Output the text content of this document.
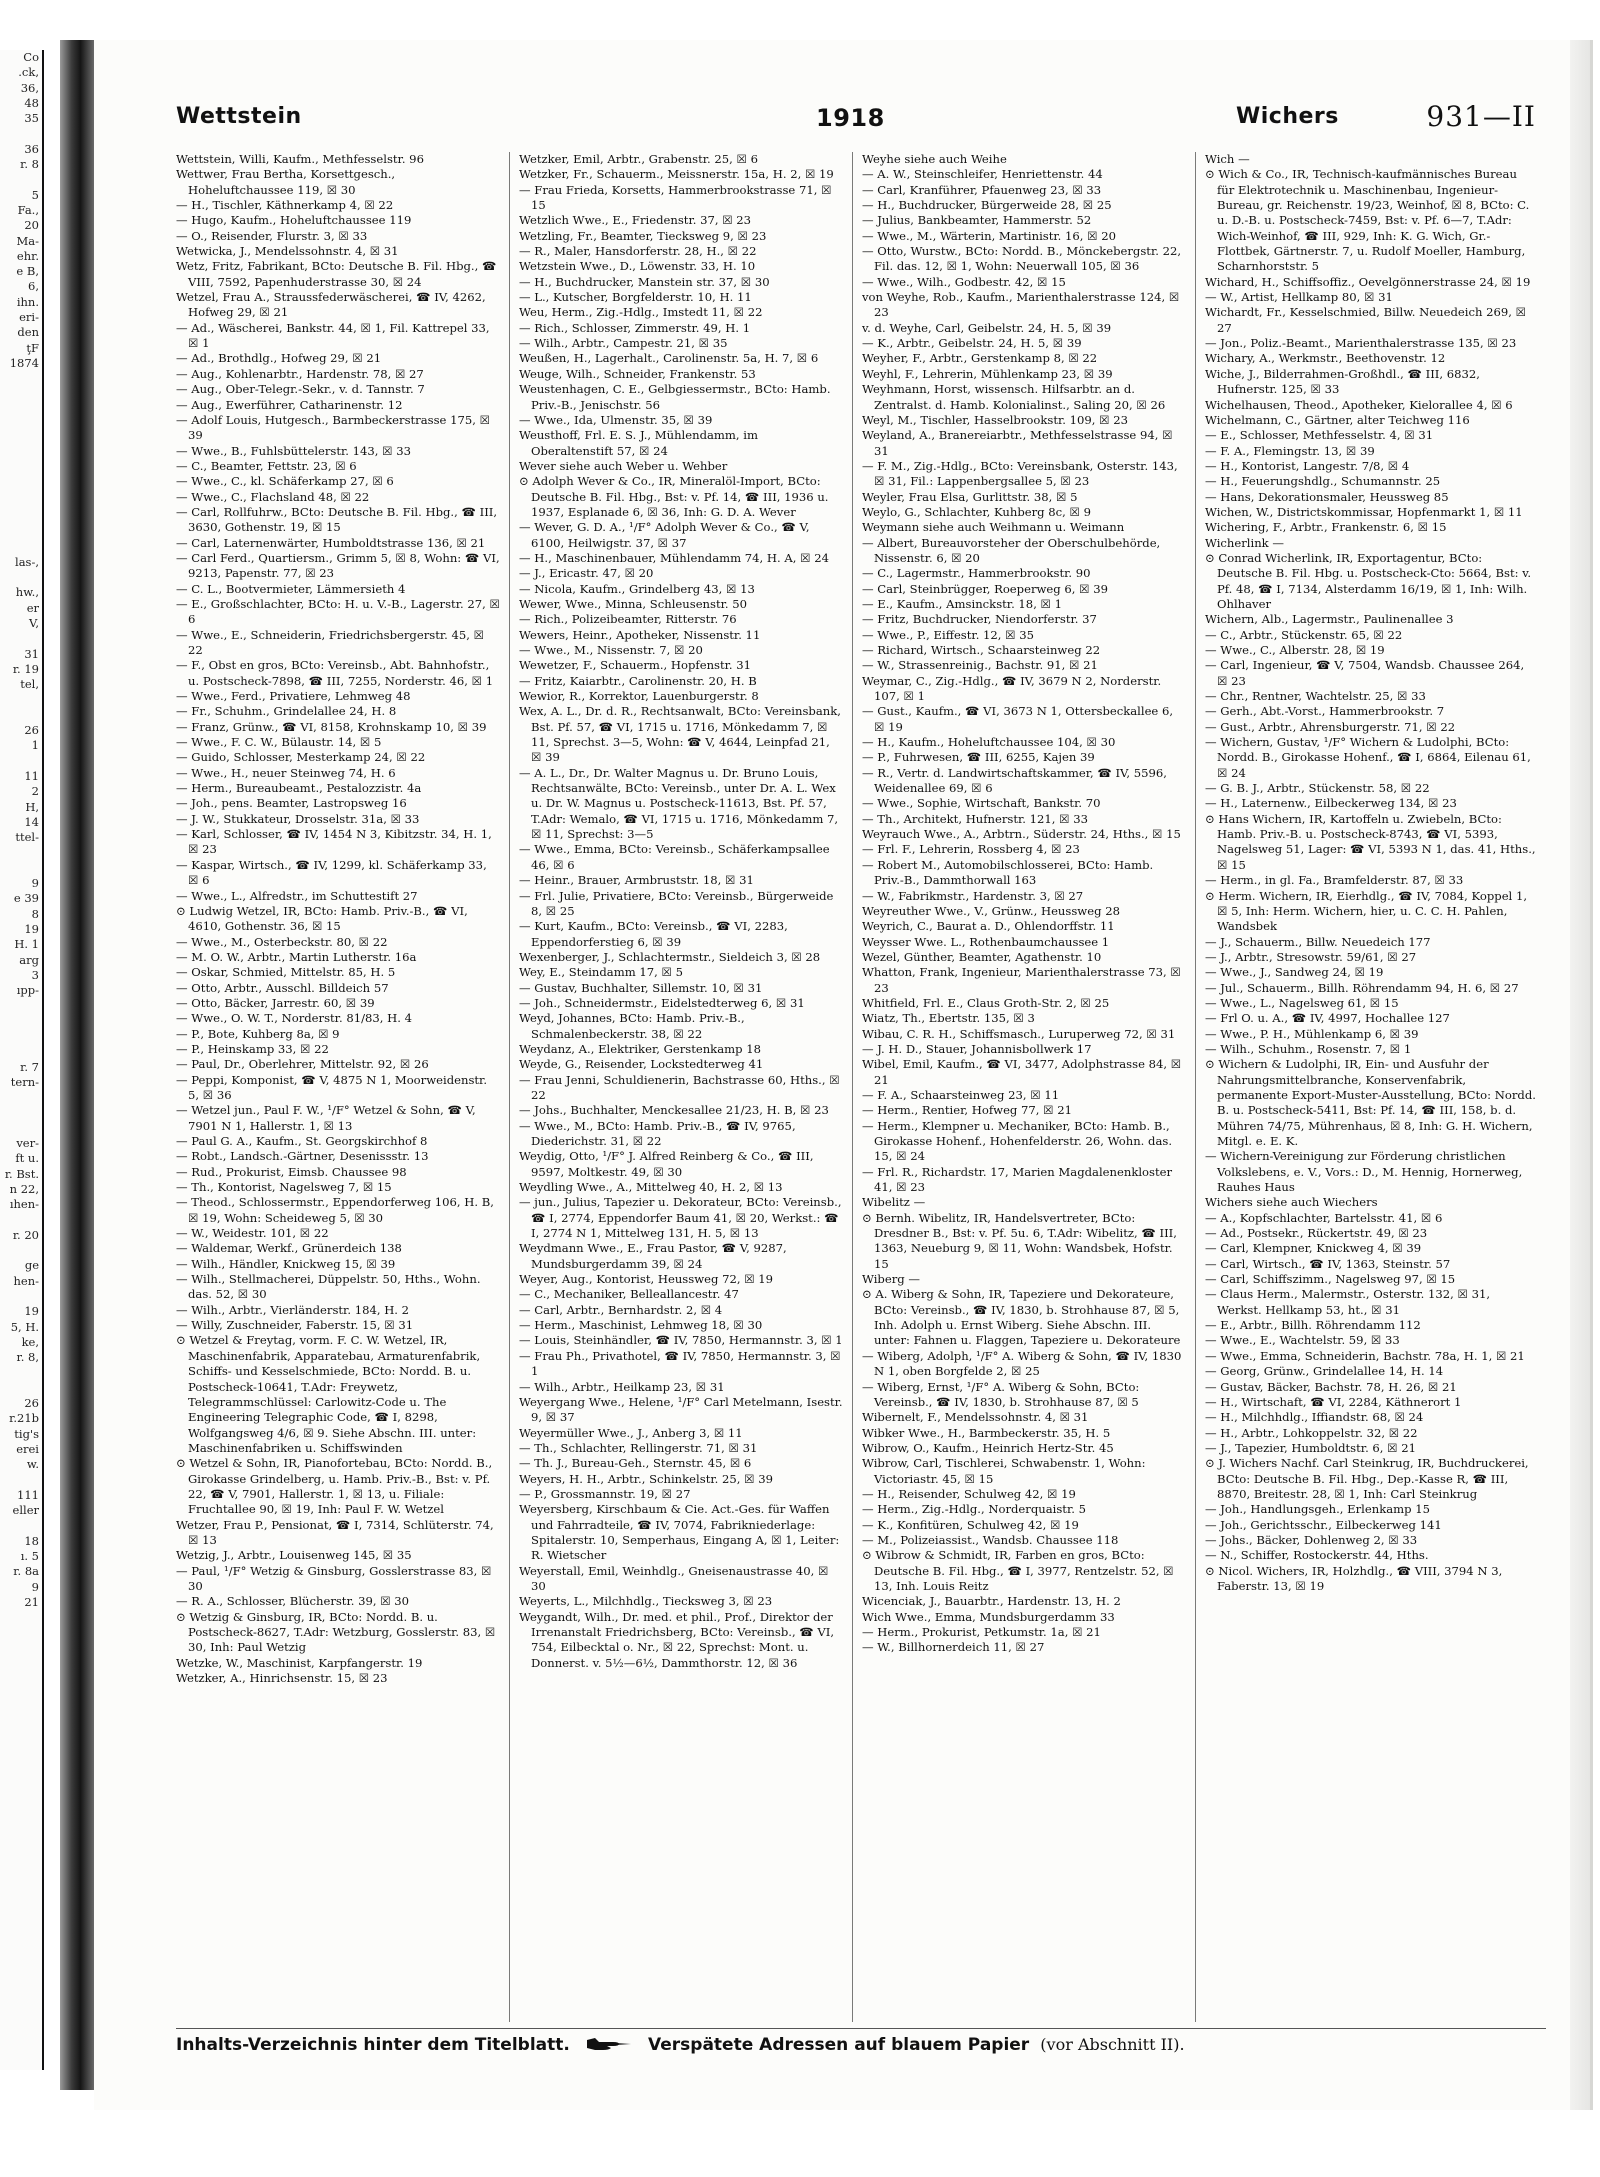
Co
.ck,
36,
48
35

36
r. 8

5
Fa.,
20
Ma-
ehr.
e B,
6,
ihn.
eri-
den
ţF
1874

las-,

hw.,
er
V,

31
r. 19
tel,

26
1

11
2
H,
14
ttel-

9
e 39
8
19
H. 1
arg
3
ıpp-

r. 7
tern-

ver-
ft u.
r. Bst.
n 22,
ıhen-

r. 20

ge
hen-

19
5, H.
ke,
r. 8,

26
r.21b
tig's
erei
w.

111
eller

18
ı. 5
r. 8a
9
21
Wettstein	1918	Wichers	931—II

Wettstein, Willi, Kaufm., Methfesselstr. 96

Wettwer, Frau Bertha, Korsettgesch., Hoheluftchaussee 119, ☒ 30

— H., Tischler, Käthnerkamp 4, ☒ 22

— Hugo, Kaufm., Hoheluftchaussee 119

— O., Reisender, Flurstr. 3, ☒ 33

Wetwicka, J., Mendelssohnstr. 4, ☒ 31

Wetz, Fritz, Fabrikant, BCto: Deutsche B. Fil. Hbg., ☎ VIII, 7592, Papenhuderstrasse 30, ☒ 24

Wetzel, Frau A., Straussfederwäscherei, ☎ IV, 4262, Hofweg 29, ☒ 21

— Ad., Wäscherei, Bankstr. 44, ☒ 1, Fil. Kattrepel 33, ☒ 1

— Ad., Brothdlg., Hofweg 29, ☒ 21

— Aug., Kohlenarbtr., Hardenstr. 78, ☒ 27

— Aug., Ober-Telegr.-Sekr., v. d. Tannstr. 7

— Aug., Ewerführer, Catharinenstr. 12

— Adolf Louis, Hutgesch., Barmbeckerstrasse 175, ☒ 39

— Wwe., B., Fuhlsbüttelerstr. 143, ☒ 33

— C., Beamter, Fettstr. 23, ☒ 6

— Wwe., C., kl. Schäferkamp 27, ☒ 6

— Wwe., C., Flachsland 48, ☒ 22

— Carl, Rollfuhrw., BCto: Deutsche B. Fil. Hbg., ☎ III, 3630, Gothenstr. 19, ☒ 15

— Carl, Laternenwärter, Humboldtstrasse 136, ☒ 21

— Carl Ferd., Quartiersm., Grimm 5, ☒ 8, Wohn: ☎ VI, 9213, Papenstr. 77, ☒ 23

— C. L., Bootvermieter, Lämmersieth 4

— E., Großschlachter, BCto: H. u. V.-B., Lagerstr. 27, ☒ 6

— Wwe., E., Schneiderin, Friedrichsbergerstr. 45, ☒ 22

— F., Obst en gros, BCto: Vereinsb., Abt. Bahnhofstr., u. Postscheck-7898, ☎ III, 7255, Norderstr. 46, ☒ 1

— Wwe., Ferd., Privatiere, Lehmweg 48

— Fr., Schuhm., Grindelallee 24, H. 8

— Franz, Grünw., ☎ VI, 8158, Krohnskamp 10, ☒ 39

— Wwe., F. C. W., Bülaustr. 14, ☒ 5

— Guido, Schlosser, Mesterkamp 24, ☒ 22

— Wwe., H., neuer Steinweg 74, H. 6

— Herm., Bureaubeamt., Pestalozzistr. 4a

— Joh., pens. Beamter, Lastropsweg 16

— J. W., Stukkateur, Drosselstr. 31a, ☒ 33

— Karl, Schlosser, ☎ IV, 1454 N 3, Kibitzstr. 34, H. 1, ☒ 23

— Kaspar, Wirtsch., ☎ IV, 1299, kl. Schäferkamp 33, ☒ 6

— Wwe., L., Alfredstr., im Schuttestift 27

⊙ Ludwig Wetzel, IR, BCto: Hamb. Priv.-B., ☎ VI, 4610, Gothenstr. 36, ☒ 15

— Wwe., M., Osterbeckstr. 80, ☒ 22

— M. O. W., Arbtr., Martin Lutherstr. 16a

— Oskar, Schmied, Mittelstr. 85, H. 5

— Otto, Arbtr., Ausschl. Billdeich 57

— Otto, Bäcker, Jarrestr. 60, ☒ 39

— Wwe., O. W. T., Norderstr. 81/83, H. 4

— P., Bote, Kuhberg 8a, ☒ 9

— P., Heinskamp 33, ☒ 22

— Paul, Dr., Oberlehrer, Mittelstr. 92, ☒ 26

— Peppi, Komponist, ☎ V, 4875 N 1, Moorweidenstr. 5, ☒ 36

— Wetzel jun., Paul F. W., ¹/F° Wetzel & Sohn, ☎ V, 7901 N 1, Hallerstr. 1, ☒ 13

— Paul G. A., Kaufm., St. Georgskirchhof 8

— Robt., Landsch.-Gärtner, Desenissstr. 13

— Rud., Prokurist, Eimsb. Chaussee 98

— Th., Kontorist, Nagelsweg 7, ☒ 15

— Theod., Schlossermstr., Eppendorferweg 106, H. B, ☒ 19, Wohn: Scheideweg 5, ☒ 30

— W., Weidestr. 101, ☒ 22

— Waldemar, Werkf., Grünerdeich 138

— Wilh., Händler, Knickweg 15, ☒ 39

— Wilh., Stellmacherei, Düppelstr. 50, Hths., Wohn. das. 52, ☒ 30

— Wilh., Arbtr., Vierländerstr. 184, H. 2

— Willy, Zuschneider, Faberstr. 15, ☒ 31

⊙ Wetzel & Freytag, vorm. F. C. W. Wetzel, IR, Maschinenfabrik, Apparatebau, Armaturenfabrik, Schiffs- und Kesselschmiede, BCto: Nordd. B. u. Postscheck-10641, T.Adr: Freywetz, Telegrammschlüssel: Carlowitz-Code u. The Engineering Telegraphic Code, ☎ I, 8298, Wolfgangsweg 4/6, ☒ 9. Siehe Abschn. III. unter: Maschinenfabriken u. Schiffswinden

⊙ Wetzel & Sohn, IR, Pianofortebau, BCto: Nordd. B., Girokasse Grindelberg, u. Hamb. Priv.-B., Bst: v. Pf. 22, ☎ V, 7901, Hallerstr. 1, ☒ 13, u. Filiale: Fruchtallee 90, ☒ 19, Inh: Paul F. W. Wetzel

Wetzer, Frau P., Pensionat, ☎ I, 7314, Schlüterstr. 74, ☒ 13

Wetzig, J., Arbtr., Louisenweg 145, ☒ 35

— Paul, ¹/F° Wetzig & Ginsburg, Gosslerstrasse 83, ☒ 30

— R. A., Schlosser, Blücherstr. 39, ☒ 30

⊙ Wetzig & Ginsburg, IR, BCto: Nordd. B. u. Postscheck-8627, T.Adr: Wetzburg, Gosslerstr. 83, ☒ 30, Inh: Paul Wetzig

Wetzke, W., Maschinist, Karpfangerstr. 19

Wetzker, A., Hinrichsenstr. 15, ☒ 23

Wetzker, Emil, Arbtr., Grabenstr. 25, ☒ 6

Wetzker, Fr., Schauerm., Meissnerstr. 15a, H. 2, ☒ 19

— Frau Frieda, Korsetts, Hammerbrookstrasse 71, ☒ 15

Wetzlich Wwe., E., Friedenstr. 37, ☒ 23

Wetzling, Fr., Beamter, Tiecksweg 9, ☒ 23

— R., Maler, Hansdorferstr. 28, H., ☒ 22

Wetzstein Wwe., D., Löwenstr. 33, H. 10

— H., Buchdrucker, Manstein str. 37, ☒ 30

— L., Kutscher, Borgfelderstr. 10, H. 11

Weu, Herm., Zig.-Hdlg., Imstedt 11, ☒ 22

— Rich., Schlosser, Zimmerstr. 49, H. 1

— Wilh., Arbtr., Campestr. 21, ☒ 35

Weußen, H., Lagerhalt., Carolinenstr. 5a, H. 7, ☒ 6

Weuge, Wilh., Schneider, Frankenstr. 53

Weustenhagen, C. E., Gelbgiessermstr., BCto: Hamb. Priv.-B., Jenischstr. 56

— Wwe., Ida, Ulmenstr. 35, ☒ 39

Weusthoff, Frl. E. S. J., Mühlendamm, im Oberaltenstift 57, ☒ 24

Wever siehe auch Weber u. Wehber

⊙ Adolph Wever & Co., IR, Mineralöl-Import, BCto: Deutsche B. Fil. Hbg., Bst: v. Pf. 14, ☎ III, 1936 u. 1937, Esplanade 6, ☒ 36, Inh: G. D. A. Wever

— Wever, G. D. A., ¹/F° Adolph Wever & Co., ☎ V, 6100, Heilwigstr. 37, ☒ 37

— H., Maschinenbauer, Mühlendamm 74, H. A, ☒ 24

— J., Ericastr. 47, ☒ 20

— Nicola, Kaufm., Grindelberg 43, ☒ 13

Wewer, Wwe., Minna, Schleusenstr. 50

— Rich., Polizeibeamter, Ritterstr. 76

Wewers, Heinr., Apotheker, Nissenstr. 11

— Wwe., M., Nissenstr. 7, ☒ 20

Wewetzer, F., Schauerm., Hopfenstr. 31

— Fritz, Kaiarbtr., Carolinenstr. 20, H. B

Wewior, R., Korrektor, Lauenburgerstr. 8

Wex, A. L., Dr. d. R., Rechtsanwalt, BCto: Vereinsbank, Bst. Pf. 57, ☎ VI, 1715 u. 1716, Mönkedamm 7, ☒ 11, Sprechst. 3—5, Wohn: ☎ V, 4644, Leinpfad 21, ☒ 39

— A. L., Dr., Dr. Walter Magnus u. Dr. Bruno Louis, Rechtsanwälte, BCto: Vereinsb., unter Dr. A. L. Wex u. Dr. W. Magnus u. Postscheck-11613, Bst. Pf. 57, T.Adr: Wemalo, ☎ VI, 1715 u. 1716, Mönkedamm 7, ☒ 11, Sprechst: 3—5

— Wwe., Emma, BCto: Vereinsb., Schäferkampsallee 46, ☒ 6

— Heinr., Brauer, Armbruststr. 18, ☒ 31

— Frl. Julie, Privatiere, BCto: Vereinsb., Bürgerweide 8, ☒ 25

— Kurt, Kaufm., BCto: Vereinsb., ☎ VI, 2283, Eppendorferstieg 6, ☒ 39

Wexenberger, J., Schlachtermstr., Sieldeich 3, ☒ 28

Wey, E., Steindamm 17, ☒ 5

— Gustav, Buchhalter, Sillemstr. 10, ☒ 31

— Joh., Schneidermstr., Eidelstedterweg 6, ☒ 31

Weyd, Johannes, BCto: Hamb. Priv.-B., Schmalenbeckerstr. 38, ☒ 22

Weydanz, A., Elektriker, Gerstenkamp 18

Weyde, G., Reisender, Lockstedterweg 41

— Frau Jenni, Schuldienerin, Bachstrasse 60, Hths., ☒ 22

— Johs., Buchhalter, Menckesallee 21/23, H. B, ☒ 23

— Wwe., M., BCto: Hamb. Priv.-B., ☎ IV, 9765, Diederichstr. 31, ☒ 22

Weydig, Otto, ¹/F° J. Alfred Reinberg & Co., ☎ III, 9597, Moltkestr. 49, ☒ 30

Weydling Wwe., A., Mittelweg 40, H. 2, ☒ 13

— jun., Julius, Tapezier u. Dekorateur, BCto: Vereinsb., ☎ I, 2774, Eppendorfer Baum 41, ☒ 20, Werkst.: ☎ I, 2774 N 1, Mittelweg 131, H. 5, ☒ 13

Weydmann Wwe., E., Frau Pastor, ☎ V, 9287, Mundsburgerdamm 39, ☒ 24

Weyer, Aug., Kontorist, Heussweg 72, ☒ 19

— C., Mechaniker, Belleallancestr. 47

— Carl, Arbtr., Bernhardstr. 2, ☒ 4

— Herm., Maschinist, Lehmweg 18, ☒ 30

— Louis, Steinhändler, ☎ IV, 7850, Hermannstr. 3, ☒ 1

— Frau Ph., Privathotel, ☎ IV, 7850, Hermannstr. 3, ☒ 1

— Wilh., Arbtr., Heilkamp 23, ☒ 31

Weyergang Wwe., Helene, ¹/F° Carl Metelmann, Isestr. 9, ☒ 37

Weyermüller Wwe., J., Anberg 3, ☒ 11

— Th., Schlachter, Rellingerstr. 71, ☒ 31

— Th. J., Bureau-Geh., Sternstr. 45, ☒ 6

Weyers, H. H., Arbtr., Schinkelstr. 25, ☒ 39

— P., Grossmannstr. 19, ☒ 27

Weyersberg, Kirschbaum & Cie. Act.-Ges. für Waffen und Fahrradteile, ☎ IV, 7074, Fabrikniederlage: Spitalerstr. 10, Semperhaus, Eingang A, ☒ 1, Leiter: R. Wietscher

Weyerstall, Emil, Weinhdlg., Gneisenaustrasse 40, ☒ 30

Weyerts, L., Milchhdlg., Tiecksweg 3, ☒ 23

Weygandt, Wilh., Dr. med. et phil., Prof., Direktor der Irrenanstalt Friedrichsberg, BCto: Vereinsb., ☎ VI, 754, Eilbecktal o. Nr., ☒ 22, Sprechst: Mont. u. Donnerst. v. 5½—6½, Dammthorstr. 12, ☒ 36

Weyhe siehe auch Weihe

— A. W., Steinschleifer, Henriettenstr. 44

— Carl, Kranführer, Pfauenweg 23, ☒ 33

— H., Buchdrucker, Bürgerweide 28, ☒ 25

— Julius, Bankbeamter, Hammerstr. 52

— Wwe., M., Wärterin, Martinistr. 16, ☒ 20

— Otto, Wurstw., BCto: Nordd. B., Mönckebergstr. 22, Fil. das. 12, ☒ 1, Wohn: Neuerwall 105, ☒ 36

— Wwe., Wilh., Godbestr. 42, ☒ 15

von Weyhe, Rob., Kaufm., Marienthalerstrasse 124, ☒ 23

v. d. Weyhe, Carl, Geibelstr. 24, H. 5, ☒ 39

— K., Arbtr., Geibelstr. 24, H. 5, ☒ 39

Weyher, F., Arbtr., Gerstenkamp 8, ☒ 22

Weyhl, F., Lehrerin, Mühlenkamp 23, ☒ 39

Weyhmann, Horst, wissensch. Hilfsarbtr. an d. Zentralst. d. Hamb. Kolonialinst., Saling 20, ☒ 26

Weyl, M., Tischler, Hasselbrookstr. 109, ☒ 23

Weyland, A., Branereiarbtr., Methfesselstrasse 94, ☒ 31

— F. M., Zig.-Hdlg., BCto: Vereinsbank, Osterstr. 143, ☒ 31, Fil.: Lappenbergsallee 5, ☒ 23

Weyler, Frau Elsa, Gurlittstr. 38, ☒ 5

Weylo, G., Schlachter, Kuhberg 8c, ☒ 9

Weymann siehe auch Weihmann u. Weimann

— Albert, Bureauvorsteher der Oberschulbehörde, Nissenstr. 6, ☒ 20

— C., Lagermstr., Hammerbrookstr. 90

— Carl, Steinbrügger, Roeperweg 6, ☒ 39

— E., Kaufm., Amsinckstr. 18, ☒ 1

— Fritz, Buchdrucker, Niendorferstr. 37

— Wwe., P., Eiffestr. 12, ☒ 35

— Richard, Wirtsch., Schaarsteinweg 22

— W., Strassenreinig., Bachstr. 91, ☒ 21

Weymar, C., Zig.-Hdlg., ☎ IV, 3679 N 2, Norderstr. 107, ☒ 1

— Gust., Kaufm., ☎ VI, 3673 N 1, Ottersbeckallee 6, ☒ 19

— H., Kaufm., Hoheluftchaussee 104, ☒ 30

— P., Fuhrwesen, ☎ III, 6255, Kajen 39

— R., Vertr. d. Landwirtschaftskammer, ☎ IV, 5596, Weidenallee 69, ☒ 6

— Wwe., Sophie, Wirtschaft, Bankstr. 70

— Th., Architekt, Hufnerstr. 121, ☒ 33

Weyrauch Wwe., A., Arbtrn., Süderstr. 24, Hths., ☒ 15

— Frl. F., Lehrerin, Rossberg 4, ☒ 23

— Robert M., Automobilschlosserei, BCto: Hamb. Priv.-B., Dammthorwall 163

— W., Fabrikmstr., Hardenstr. 3, ☒ 27

Weyreuther Wwe., V., Grünw., Heussweg 28

Weyrich, C., Baurat a. D., Ohlendorffstr. 11

Weysser Wwe. L., Rothenbaumchaussee 1

Wezel, Günther, Beamter, Agathenstr. 10

Whatton, Frank, Ingenieur, Marienthalerstrasse 73, ☒ 23

Whitfield, Frl. E., Claus Groth-Str. 2, ☒ 25

Wiatz, Th., Ebertstr. 135, ☒ 3

Wibau, C. R. H., Schiffsmasch., Luruperweg 72, ☒ 31

— J. H. D., Stauer, Johannisbollwerk 17

Wibel, Emil, Kaufm., ☎ VI, 3477, Adolphstrasse 84, ☒ 21

— F. A., Schaarsteinweg 23, ☒ 11

— Herm., Rentier, Hofweg 77, ☒ 21

— Herm., Klempner u. Mechaniker, BCto: Hamb. B., Girokasse Hohenf., Hohenfelderstr. 26, Wohn. das. 15, ☒ 24

— Frl. R., Richardstr. 17, Marien Magdalenenkloster 41, ☒ 23

Wibelitz —

⊙ Bernh. Wibelitz, IR, Handelsvertreter, BCto: Dresdner B., Bst: v. Pf. 5u. 6, T.Adr: Wibelitz, ☎ III, 1363, Neueburg 9, ☒ 11, Wohn: Wandsbek, Hofstr. 15

Wiberg —

⊙ A. Wiberg & Sohn, IR, Tapeziere und Dekorateure, BCto: Vereinsb., ☎ IV, 1830, b. Strohhause 87, ☒ 5, Inh. Adolph u. Ernst Wiberg. Siehe Abschn. III. unter: Fahnen u. Flaggen, Tapeziere u. Dekorateure

— Wiberg, Adolph, ¹/F° A. Wiberg & Sohn, ☎ IV, 1830 N 1, oben Borgfelde 2, ☒ 25

— Wiberg, Ernst, ¹/F° A. Wiberg & Sohn, BCto: Vereinsb., ☎ IV, 1830, b. Strohhause 87, ☒ 5

Wibernelt, F., Mendelssohnstr. 4, ☒ 31

Wibker Wwe., H., Barmbeckerstr. 35, H. 5

Wibrow, O., Kaufm., Heinrich Hertz-Str. 45

Wibrow, Carl, Tischlerei, Schwabenstr. 1, Wohn: Victoriastr. 45, ☒ 15

— H., Reisender, Schulweg 42, ☒ 19

— Herm., Zig.-Hdlg., Norderquaistr. 5

— K., Konfitüren, Schulweg 42, ☒ 19

— M., Polizeiassist., Wandsb. Chaussee 118

⊙ Wibrow & Schmidt, IR, Farben en gros, BCto: Deutsche B. Fil. Hbg., ☎ I, 3977, Rentzelstr. 52, ☒ 13, Inh. Louis Reitz

Wicenciak, J., Bauarbtr., Hardenstr. 13, H. 2

Wich Wwe., Emma, Mundsburgerdamm 33

— Herm., Prokurist, Petkumstr. 1a, ☒ 21

— W., Billhornerdeich 11, ☒ 27

Wich —

⊙ Wich & Co., IR, Technisch-kaufmännisches Bureau für Elektrotechnik u. Maschinenbau, Ingenieur-Bureau, gr. Reichenstr. 19/23, Weinhof, ☒ 8, BCto: C. u. D.-B. u. Postscheck-7459, Bst: v. Pf. 6—7, T.Adr: Wich-Weinhof, ☎ III, 929, Inh: K. G. Wich, Gr.-Flottbek, Gärtnerstr. 7, u. Rudolf Moeller, Hamburg, Scharnhorststr. 5

Wichard, H., Schiffsoffiz., Oevelgönnerstrasse 24, ☒ 19

— W., Artist, Hellkamp 80, ☒ 31

Wichardt, Fr., Kesselschmied, Billw. Neuedeich 269, ☒ 27

— Jon., Poliz.-Beamt., Marienthalerstrasse 135, ☒ 23

Wichary, A., Werkmstr., Beethovenstr. 12

Wiche, J., Bilderrahmen-Großhdl., ☎ III, 6832, Hufnerstr. 125, ☒ 33

Wichelhausen, Theod., Apotheker, Kieloralleе 4, ☒ 6

Wichelmann, C., Gärtner, alter Teichweg 116

— E., Schlosser, Methfesselstr. 4, ☒ 31

— F. A., Flemingstr. 13, ☒ 39

— H., Kontorist, Langestr. 7/8, ☒ 4

— H., Feuerungshdlg., Schumannstr. 25

— Hans, Dekorationsmaler, Heussweg 85

Wichen, W., Districtskommissar, Hopfenmarkt 1, ☒ 11

Wichering, F., Arbtr., Frankenstr. 6, ☒ 15

Wicherlink —

⊙ Conrad Wicherlink, IR, Exportagentur, BCto: Deutsche B. Fil. Hbg. u. Postscheck-Cto: 5664, Bst: v. Pf. 48, ☎ I, 7134, Alsterdamm 16/19, ☒ 1, Inh: Wilh. Ohlhaver

Wichern, Alb., Lagermstr., Paulinenallee 3

— C., Arbtr., Stückenstr. 65, ☒ 22

— Wwe., C., Alberstr. 28, ☒ 19

— Carl, Ingenieur, ☎ V, 7504, Wandsb. Chaussee 264, ☒ 23

— Chr., Rentner, Wachtelstr. 25, ☒ 33

— Gerh., Abt.-Vorst., Hammerbrookstr. 7

— Gust., Arbtr., Ahrensburgerstr. 71, ☒ 22

— Wichern, Gustav, ¹/F° Wichern & Ludolphi, BCto: Nordd. B., Girokasse Hohenf., ☎ I, 6864, Eilenau 61, ☒ 24

— G. B. J., Arbtr., Stückenstr. 58, ☒ 22

— H., Laternenw., Eilbeckerweg 134, ☒ 23

⊙ Hans Wichern, IR, Kartoffeln u. Zwiebeln, BCto: Hamb. Priv.-B. u. Postscheck-8743, ☎ VI, 5393, Nagelsweg 51, Lager: ☎ VI, 5393 N 1, das. 41, Hths., ☒ 15

— Herm., in gl. Fa., Bramfelderstr. 87, ☒ 33

⊙ Herm. Wichern, IR, Eierhdlg., ☎ IV, 7084, Koppel 1, ☒ 5, Inh: Herm. Wichern, hier, u. C. C. H. Pahlen, Wandsbek

— J., Schauerm., Billw. Neuedeich 177

— J., Arbtr., Stresowstr. 59/61, ☒ 27

— Wwe., J., Sandweg 24, ☒ 19

— Jul., Schauerm., Billh. Röhrendamm 94, H. 6, ☒ 27

— Wwe., L., Nagelsweg 61, ☒ 15

— Frl O. u. A., ☎ IV, 4997, Hochallee 127

— Wwe., P. H., Mühlenkamp 6, ☒ 39

— Wilh., Schuhm., Rosenstr. 7, ☒ 1

⊙ Wichern & Ludolphi, IR, Ein- und Ausfuhr der Nahrungsmittelbranche, Konservenfabrik, permanente Export-Muster-Ausstellung, BCto: Nordd. B. u. Postscheck-5411, Bst: Pf. 14, ☎ III, 158, b. d. Mühren 74/75, Mührenhaus, ☒ 8, Inh: G. H. Wichern, Mitgl. e. E. K.

— Wichern-Vereinigung zur Förderung christlichen Volkslebens, e. V., Vors.: D., M. Hennig, Hornerweg, Rauhes Haus

Wichers siehe auch Wiechers

— A., Kopfschlachter, Bartelsstr. 41, ☒ 6

— Ad., Postsekr., Rückertstr. 49, ☒ 23

— Carl, Klempner, Knickweg 4, ☒ 39

— Carl, Wirtsch., ☎ IV, 1363, Steinstr. 57

— Carl, Schiffszimm., Nagelsweg 97, ☒ 15

— Claus Herm., Malermstr., Osterstr. 132, ☒ 31, Werkst. Hellkamp 53, ht., ☒ 31

— E., Arbtr., Billh. Röhrendamm 112

— Wwe., E., Wachtelstr. 59, ☒ 33

— Wwe., Emma, Schneiderin, Bachstr. 78a, H. 1, ☒ 21

— Georg, Grünw., Grindelallee 14, H. 14

— Gustav, Bäcker, Bachstr. 78, H. 26, ☒ 21

— H., Wirtschaft, ☎ VI, 2284, Käthnerort 1

— H., Milchhdlg., Iffiandstr. 68, ☒ 24

— H., Arbtr., Lohkoppelstr. 32, ☒ 22

— J., Tapezier, Humboldtstr. 6, ☒ 21

⊙ J. Wichers Nachf. Carl Steinkrug, IR, Buchdruckerei, BCto: Deutsche B. Fil. Hbg., Dep.-Kasse R, ☎ III, 8870, Breitestr. 28, ☒ 1, Inh: Carl Steinkrug

— Joh., Handlungsgeh., Erlenkamp 15

— Joh., Gerichtsschr., Eilbeckerweg 141

— Johs., Bäcker, Dohlenweg 2, ☒ 33

— N., Schiffer, Rostockerstr. 44, Hths.

⊙ Nicol. Wichers, IR, Holzhdlg., ☎ VIII, 3794 N 3, Faberstr. 13, ☒ 19

Inhalts-Verzeichnis hinter dem Titelblatt.	Verspätete Adressen auf blauem Papier (vor Abschnitt II).
